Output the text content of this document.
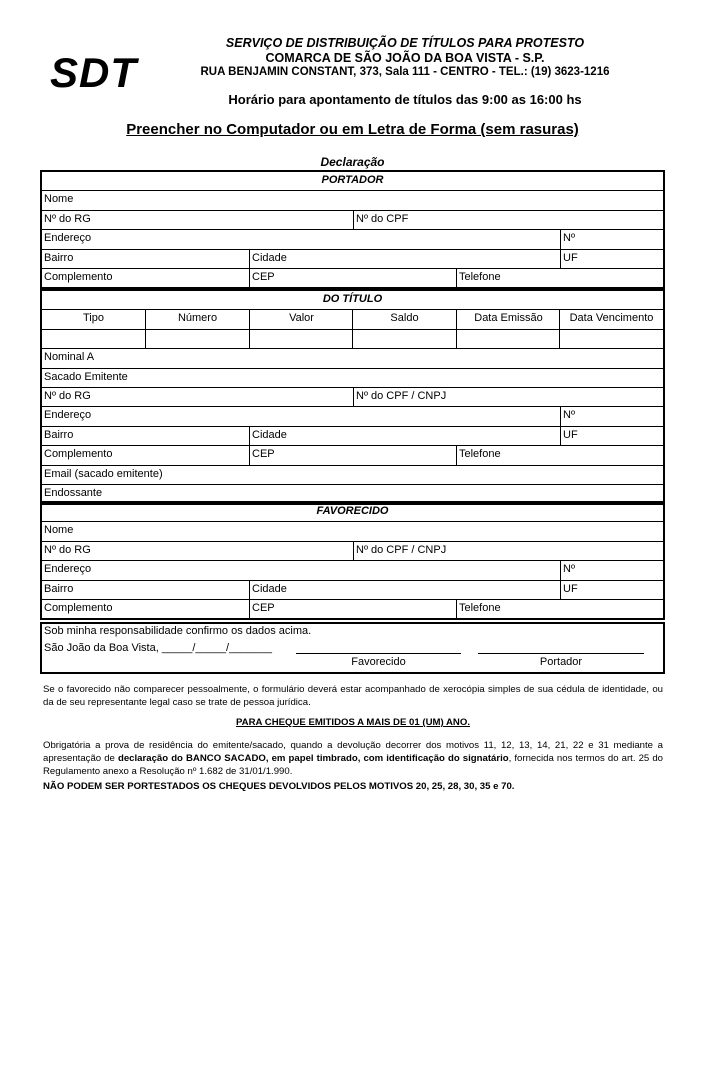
SDT
SERVIÇO DE DISTRIBUIÇÃO DE TÍTULOS PARA PROTESTO
COMARCA DE SÃO JOÃO DA BOA VISTA - S.P.
RUA BENJAMIN CONSTANT, 373, Sala 111 - CENTRO - TEL.: (19) 3623-1216
Horário para apontamento de títulos das 9:00 as 16:00 hs
Preencher no Computador ou em Letra de Forma (sem rasuras)
Declaração
PORTADOR
Nome
Nº do RG	Nº do CPF
Endereço	Nº
Bairro	Cidade	UF
Complemento	CEP	Telefone
DO TÍTULO
Tipo	Número	Valor	Saldo	Data Emissão	Data Vencimento
Nominal A
Sacado Emitente
Nº do RG	Nº do CPF / CNPJ
Endereço	Nº
Bairro	Cidade	UF
Complemento	CEP	Telefone
Email (sacado emitente)
Endossante
FAVORECIDO
Nome
Nº do RG	Nº do CPF / CNPJ
Endereço	Nº
Bairro	Cidade	UF
Complemento	CEP	Telefone
Sob minha responsabilidade confirmo os dados acima.
São João da Boa Vista, _____/_____/_______
Favorecido	Portador
Se o favorecido não comparecer pessoalmente, o formulário deverá estar acompanhado de xerocópia simples de sua cédula de identidade, ou da de seu representante legal caso se trate de pessoa jurídica.
PARA CHEQUE EMITIDOS A MAIS DE 01 (UM) ANO.
Obrigatória a prova de residência do emitente/sacado, quando a devolução decorrer dos motivos 11, 12, 13, 14, 21, 22 e 31 mediante a apresentação de declaração do BANCO SACADO, em papel timbrado, com identificação do signatário, fornecida nos termos do art. 25 do Regulamento anexo a Resolução nº 1.682 de 31/01/1.990.
NÃO PODEM SER PORTESTADOS OS CHEQUES DEVOLVIDOS PELOS MOTIVOS 20, 25, 28, 30, 35 e 70.
